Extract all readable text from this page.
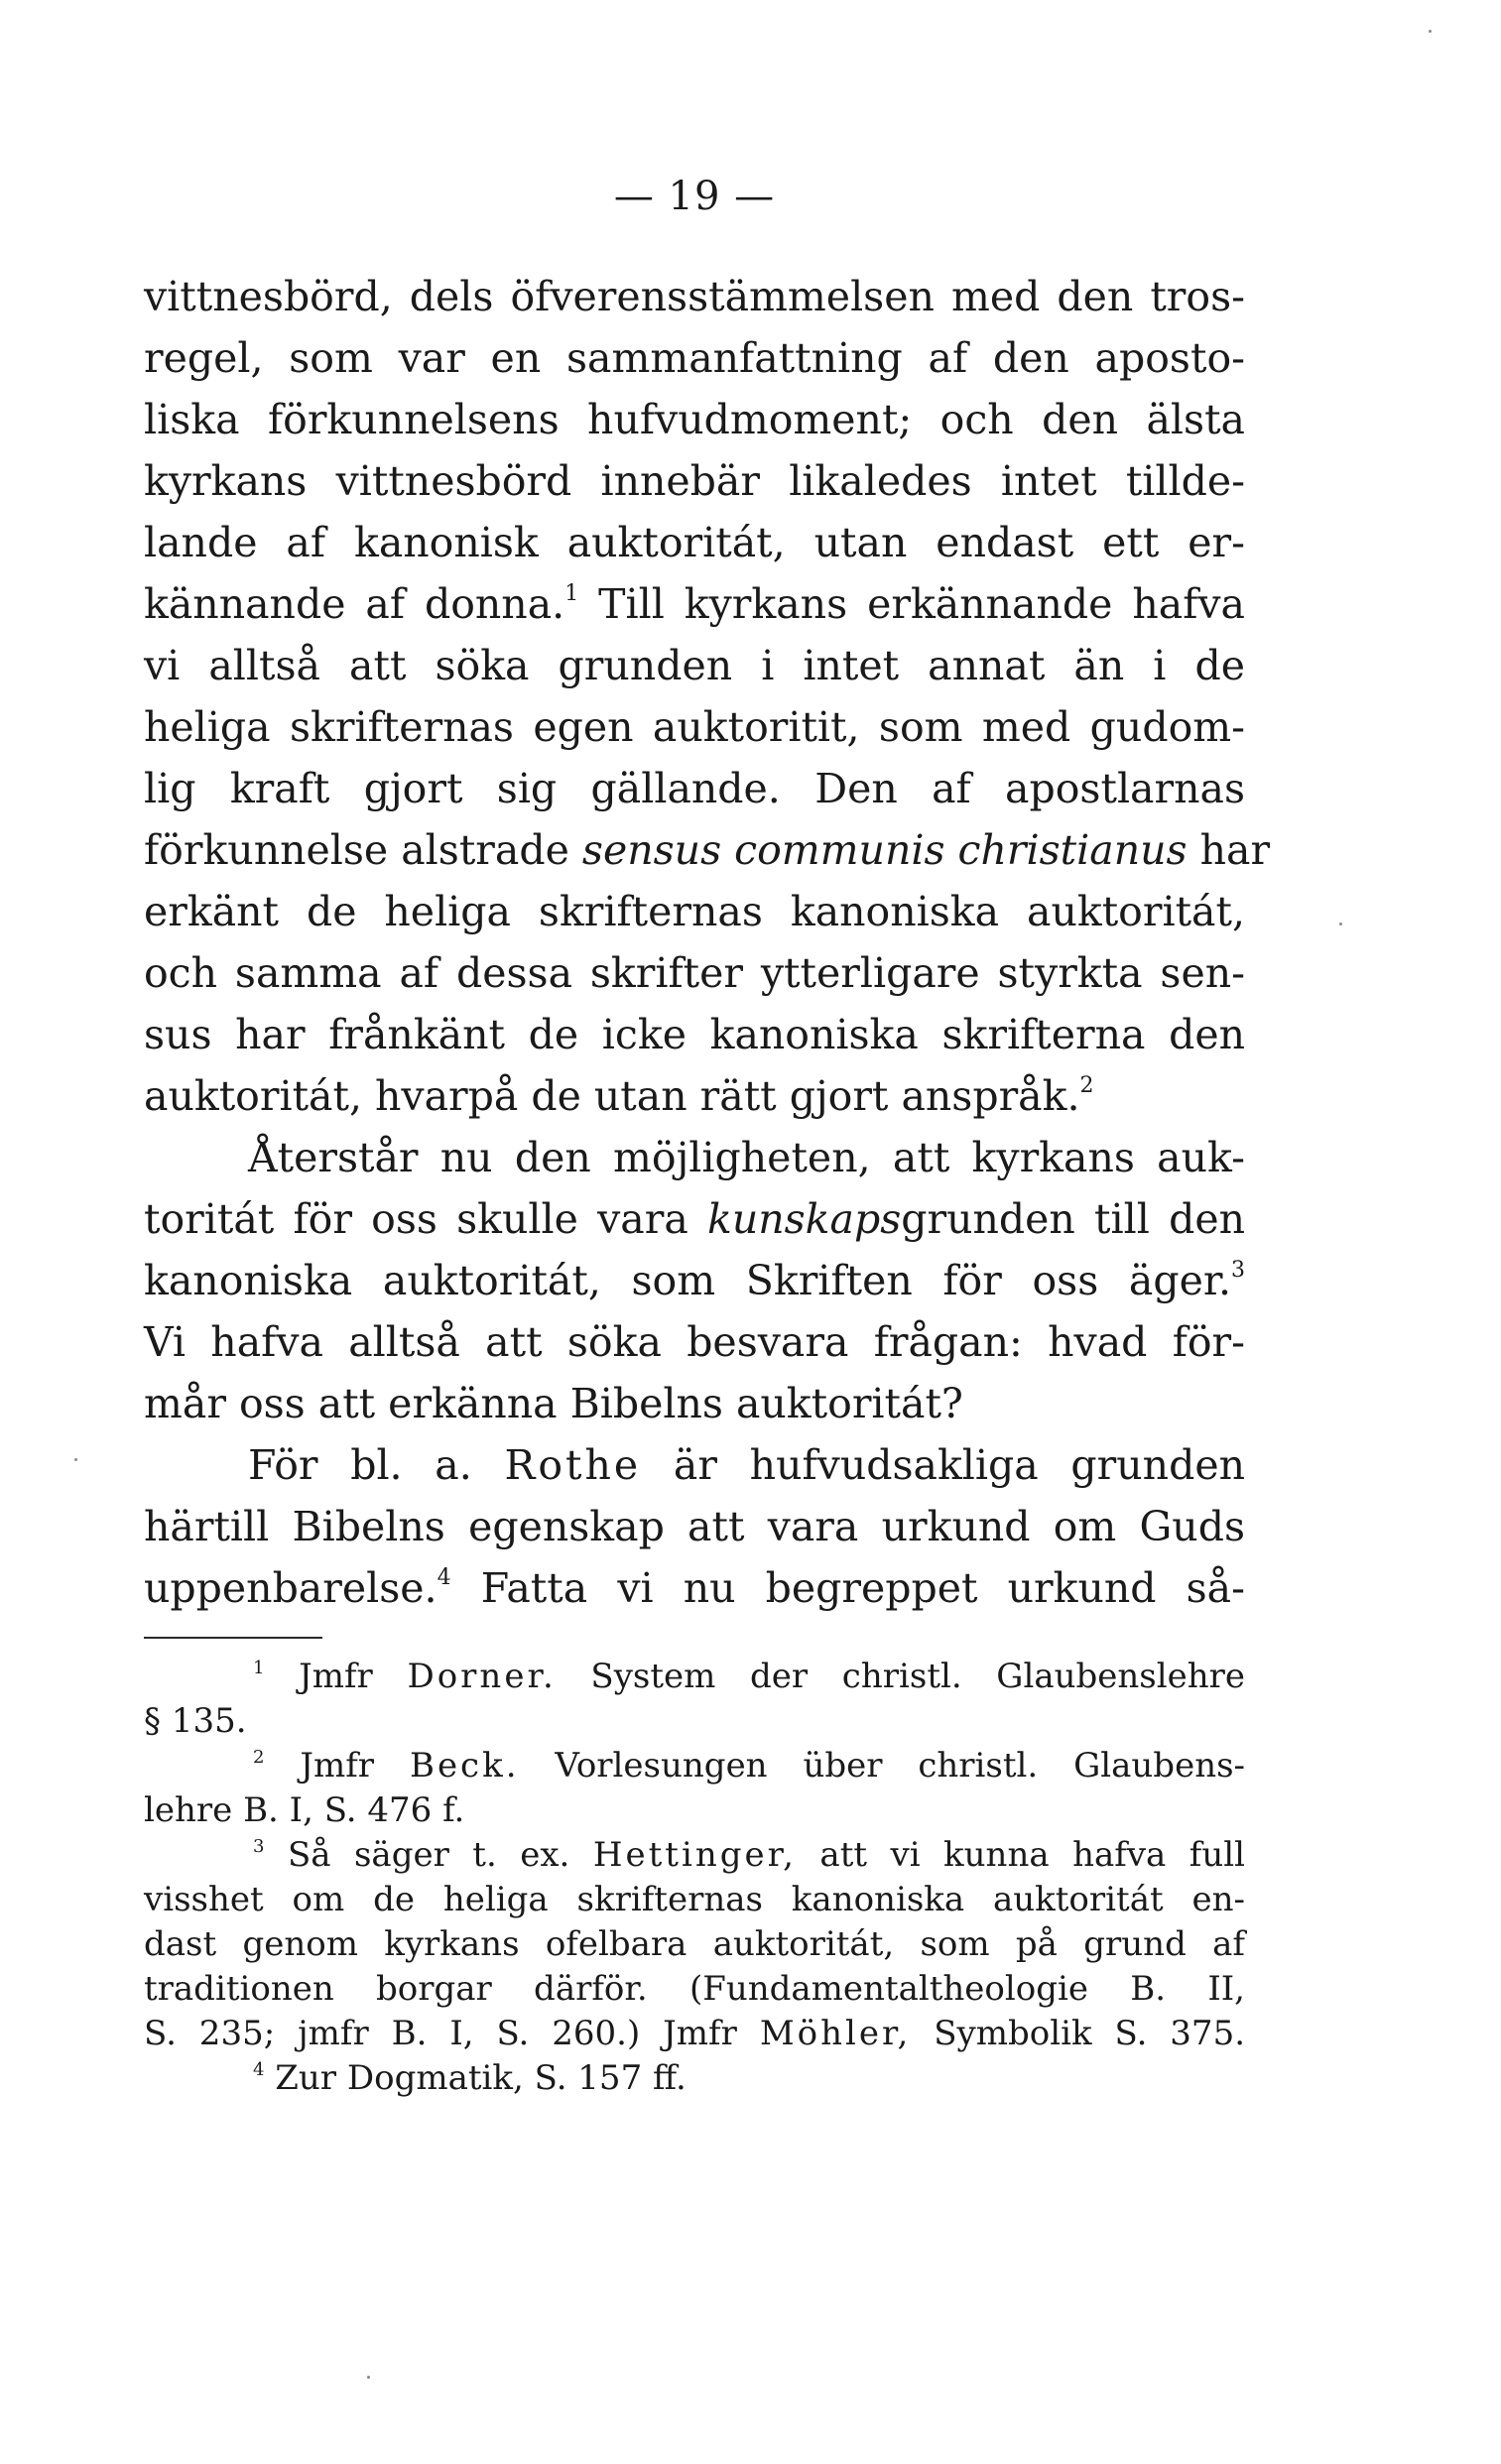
— 19 —
vittnesbörd, dels öfverensstämmelsen med den tros-
regel, som var en sammanfattning af den aposto-
liska förkunnelsens hufvudmoment; och den älsta
kyrkans vittnesbörd innebär likaledes intet tillde-
lande af kanonisk auktoritát, utan endast ett er-
kännande af donna.$^1$ Till kyrkans erkännande hafva
vi alltså att söka grunden i intet annat än i de
heliga skrifternas egen auktoritit, som med gudom-
lig kraft gjort sig gällande. Den af apostlarnas
förkunnelse alstrade sensus communis christianus har
erkänt de heliga skrifternas kanoniska auktoritát,
och samma af dessa skrifter ytterligare styrkta sen-
sus har frånkänt de icke kanoniska skrifterna den
auktoritát, hvarpå de utan rätt gjort anspråk.$^2$
Återstår nu den möjligheten, att kyrkans auk-
toritát för oss skulle vara kunskapsgrunden till den
kanoniska auktoritát, som Skriften för oss äger.$^3$
Vi hafva alltså att söka besvara frågan: hvad för-
mår oss att erkänna Bibelns auktoritát?
För bl. a. Rothe är hufvudsakliga grunden
härtill Bibelns egenskap att vara urkund om Guds
uppenbarelse.$^4$ Fatta vi nu begreppet urkund så-
$^1$ Jmfr Dorner. System der christl. Glaubenslehre
§ 135.
$^2$ Jmfr Beck. Vorlesungen über christl. Glaubens-
lehre B. I, S. 476 f.
$^3$ Så säger t. ex. Hettinger, att vi kunna hafva full
visshet om de heliga skrifternas kanoniska auktoritát en-
dast genom kyrkans ofelbara auktoritát, som på grund af
traditionen borgar därför. (Fundamentaltheologie B. II,
S. 235; jmfr B. I, S. 260.) Jmfr Möhler, Symbolik S. 375.
$^4$ Zur Dogmatik, S. 157 ff.
